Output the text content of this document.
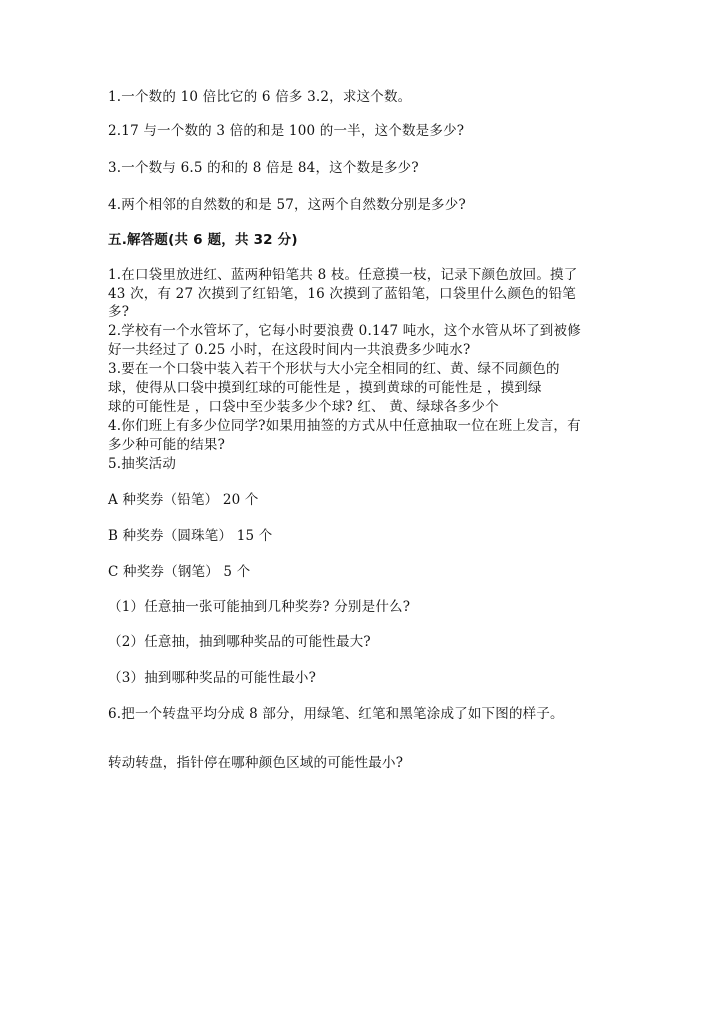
1.一个数的 10 倍比它的 6 倍多 3.2，求这个数。
2.17 与一个数的 3 倍的和是 100 的一半，这个数是多少?
3.一个数与 6.5 的和的 8 倍是 84，这个数是多少?
4.两个相邻的自然数的和是 57，这两个自然数分别是多少?
五.解答题(共 6 题，共 32 分)
1.在口袋里放进红、蓝两种铅笔共 8 枝。任意摸一枝，记录下颜色放回。摸了
43 次，有 27 次摸到了红铅笔，16 次摸到了蓝铅笔，口袋里什么颜色的铅笔
多?
2.学校有一个水管坏了，它每小时要浪费 0.147 吨水，这个水管从坏了到被修
好一共经过了 0.25 小时，在这段时间内一共浪费多少吨水?
3.要在一个口袋中装入若干个形状与大小完全相同的红、黄、绿不同颜色的
球，使得从口袋中摸到红球的可能性是 ，摸到黄球的可能性是 ，摸到绿
球的可能性是 ，口袋中至少装多少个球? 红、 黄、绿球各多少个
4.你们班上有多少位同学?如果用抽签的方式从中任意抽取一位在班上发言，有
多少种可能的结果?
5.抽奖活动
A 种奖券（铅笔） 20 个
B 种奖券（圆珠笔） 15 个
C 种奖券（钢笔） 5 个
（1）任意抽一张可能抽到几种奖券? 分别是什么?
（2）任意抽，抽到哪种奖品的可能性最大?
（3）抽到哪种奖品的可能性最小?
6.把一个转盘平均分成 8 部分，用绿笔、红笔和黑笔涂成了如下图的样子。
转动转盘，指针停在哪种颜色区域的可能性最小?
